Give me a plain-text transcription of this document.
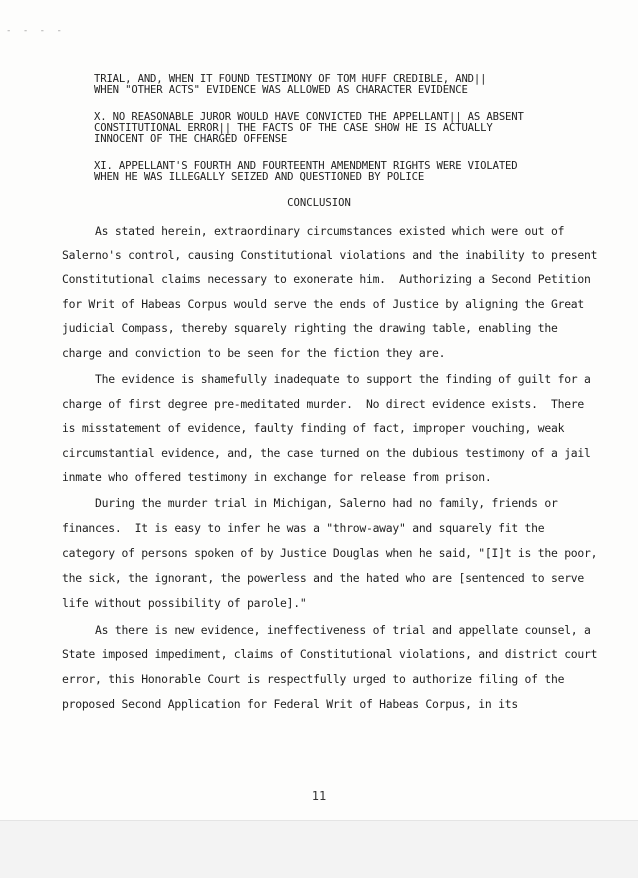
- - - -
TRIAL, AND, WHEN IT FOUND TESTIMONY OF TOM HUFF CREDIBLE, AND||
WHEN "OTHER ACTS" EVIDENCE WAS ALLOWED AS CHARACTER EVIDENCE
X. NO REASONABLE JUROR WOULD HAVE CONVICTED THE APPELLANT|| AS ABSENT
CONSTITUTIONAL ERROR|| THE FACTS OF THE CASE SHOW HE IS ACTUALLY
INNOCENT OF THE CHARGED OFFENSE
XI. APPELLANT'S FOURTH AND FOURTEENTH AMENDMENT RIGHTS WERE VIOLATED
WHEN HE WAS ILLEGALLY SEIZED AND QUESTIONED BY POLICE
CONCLUSION
As stated herein, extraordinary circumstances existed which were out of
Salerno's control, causing Constitutional violations and the inability to present
Constitutional claims necessary to exonerate him.  Authorizing a Second Petition
for Writ of Habeas Corpus would serve the ends of Justice by aligning the Great
judicial Compass, thereby squarely righting the drawing table, enabling the
charge and conviction to be seen for the fiction they are.
The evidence is shamefully inadequate to support the finding of guilt for a
charge of first degree pre-meditated murder.  No direct evidence exists.  There
is misstatement of evidence, faulty finding of fact, improper vouching, weak
circumstantial evidence, and, the case turned on the dubious testimony of a jail
inmate who offered testimony in exchange for release from prison.
During the murder trial in Michigan, Salerno had no family, friends or
finances.  It is easy to infer he was a "throw-away" and squarely fit the
category of persons spoken of by Justice Douglas when he said, "[I]t is the poor,
the sick, the ignorant, the powerless and the hated who are [sentenced to serve
life without possibility of parole]."
As there is new evidence, ineffectiveness of trial and appellate counsel, a
State imposed impediment, claims of Constitutional violations, and district court
error, this Honorable Court is respectfully urged to authorize filing of the
proposed Second Application for Federal Writ of Habeas Corpus, in its
11
